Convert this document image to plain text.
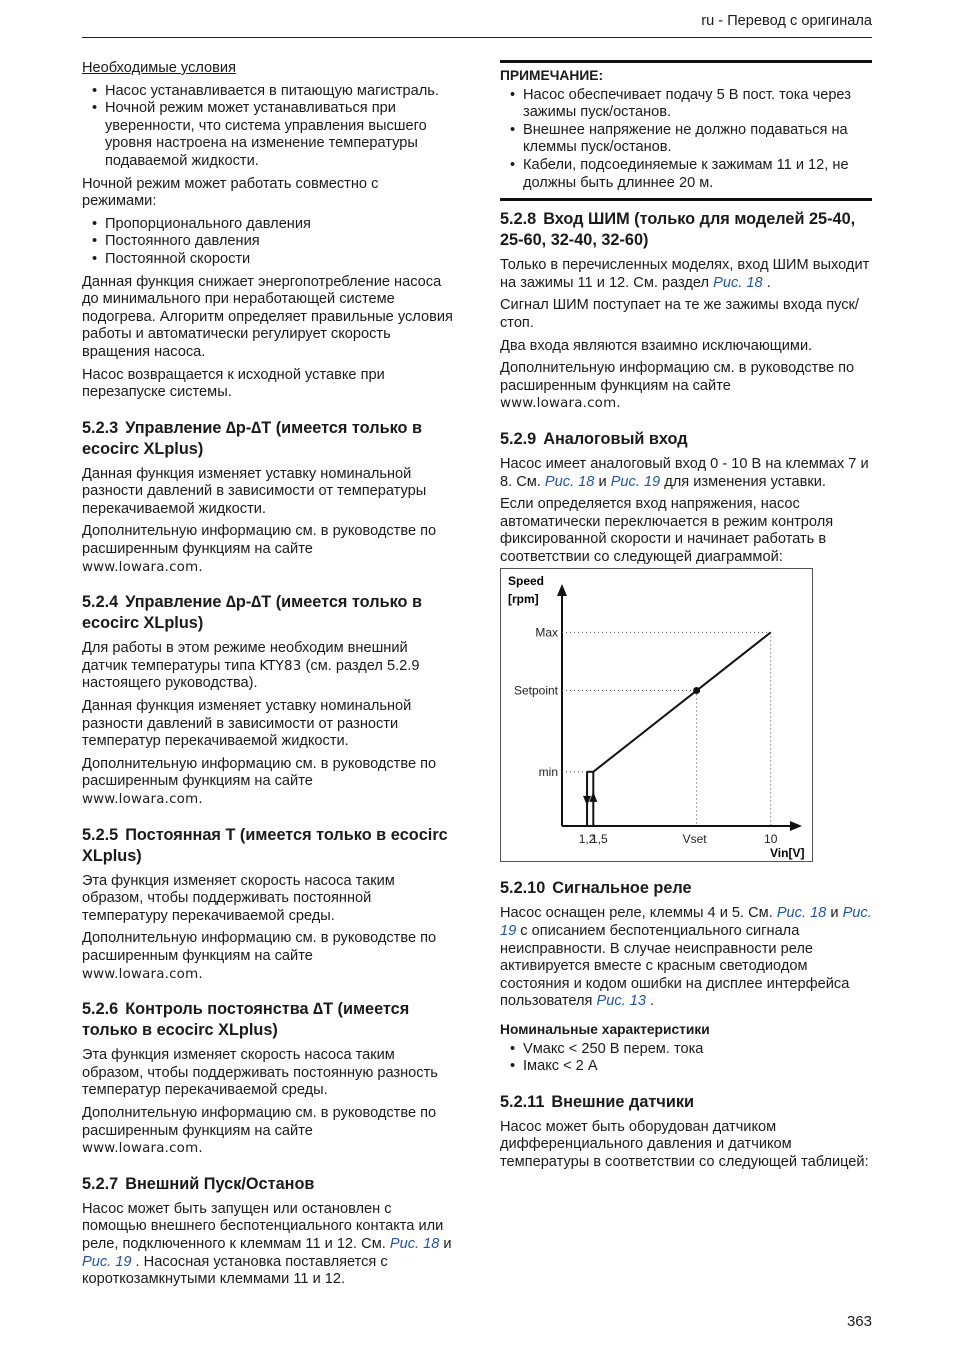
ru - Перевод с оригинала

Необходимые условия

• Насос устанавливается в питающую магистраль.
• Ночной режим может устанавливаться при уверенности, что система управления высшего уровня настроена на изменение температуры подаваемой жидкости.

Ночной режим может работать совместно с режимами:

• Пропорционального давления
• Постоянного давления
• Постоянной скорости

Данная функция снижает энергопотребление насоса до минимального при неработающей системе подогрева. Алгоритм определяет правильные условия работы и автоматически регулирует скорость вращения насоса.

Насос возвращается к исходной уставке при перезапуске системы.

5.2.3 Управление ∆p-∆T (имеется только в ecocirc XLplus)

Данная функция изменяет уставку номинальной разности давлений в зависимости от температуры перекачиваемой жидкости.

Дополнительную информацию см. в руководстве по расширенным функциям на сайте
www.lowara.com.

5.2.4 Управление ∆p-∆T (имеется только в ecocirc XLplus)

Для работы в этом режиме необходим внешний датчик температуры типа KTY83 (см. раздел 5.2.9 настоящего руководства).

Данная функция изменяет уставку номинальной разности давлений в зависимости от разности температур перекачиваемой жидкости.

Дополнительную информацию см. в руководстве по расширенным функциям на сайте
www.lowara.com.

5.2.5 Постоянная T (имеется только в ecocirc XLplus)

Эта функция изменяет скорость насоса таким образом, чтобы поддерживать постоянной температуру перекачиваемой среды.

Дополнительную информацию см. в руководстве по расширенным функциям на сайте
www.lowara.com.

5.2.6 Контроль постоянства ∆T (имеется только в ecocirc XLplus)

Эта функция изменяет скорость насоса таким образом, чтобы поддерживать постоянную разность температур перекачиваемой среды.

Дополнительную информацию см. в руководстве по расширенным функциям на сайте
www.lowara.com.

5.2.7 Внешний Пуск/Останов

Насос может быть запущен или остановлен с помощью внешнего беспотенциального контакта или реле, подключенного к клеммам 11 и 12. См. Рис. 18 и Рис. 19 . Насосная установка поставляется с короткозамкнутыми клеммами 11 и 12.

ПРИМЕЧАНИЕ:
• Насос обеспечивает подачу 5 В пост. тока через зажимы пуск/останов.
• Внешнее напряжение не должно подаваться на клеммы пуск/останов.
• Кабели, подсоединяемые к зажимам 11 и 12, не должны быть длиннее 20 м.
5.2.8 Вход ШИМ (только для моделей 25-40, 25-60, 32-40, 32-60)

Только в перечисленных моделях, вход ШИМ выходит на зажимы 11 и 12. См. раздел Рис. 18 .

Сигнал ШИМ поступает на те же зажимы входа пуск/стоп.

Два входа являются взаимно исключающими.

Дополнительную информацию см. в руководстве по расширенным функциям на сайте
www.lowara.com.

5.2.9 Аналоговый вход

Насос имеет аналоговый вход 0 - 10 В на клеммах 7 и 8. См. Рис. 18 и Рис. 19 для изменения уставки.

Если определяется вход напряжения, насос автоматически переключается в режим контроля фиксированной скорости и начинает работать в соответствии со следующей диаграммой:

Speed
[rpm]
Vin[V]
Max
Setpoint
min
1,2
1,5	Vset	10
5.2.10 Сигнальное реле

Насос оснащен реле, клеммы 4 и 5. См. Рис. 18 и Рис. 19 с описанием беспотенциального сигнала неисправности. В случае неисправности реле активируется вместе с красным светодиодом состояния и кодом ошибки на дисплее интерфейса пользователя Рис. 13 .

Номинальные характеристики
• Vмакс < 250 В перем. тока
• Iмакс < 2 А
5.2.11 Внешние датчики

Насос может быть оборудован датчиком дифференциального давления и датчиком температуры в соответствии со следующей таблицей:

363
